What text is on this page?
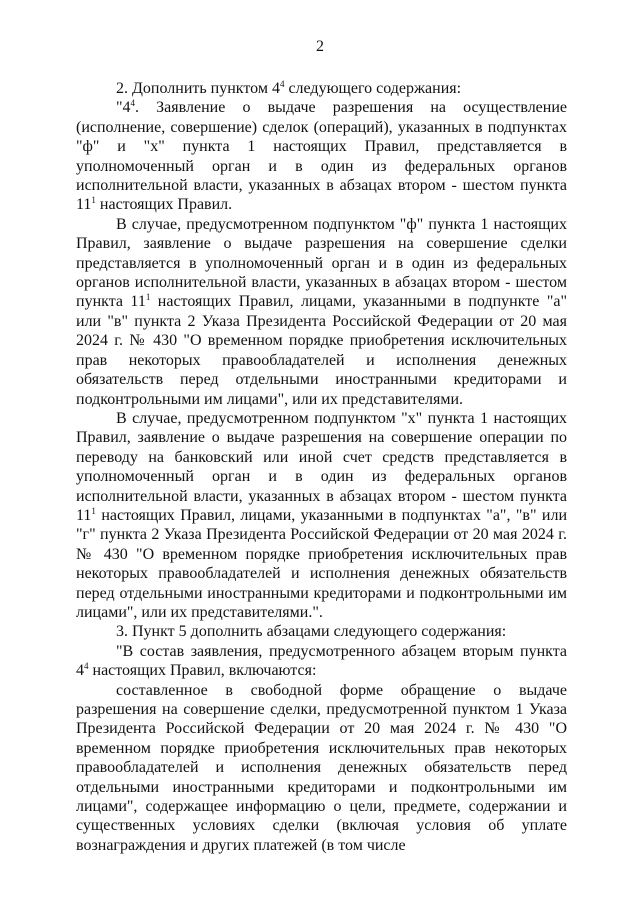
2

2. Дополнить пунктом $4^4$ следующего содержания:

"$4^4$. Заявление о выдаче разрешения на осуществление (исполнение, совершение) сделок (операций), указанных в подпунктах "ф" и "х" пункта 1 настоящих Правил, представляется в уполномоченный орган и в один из федеральных органов исполнительной власти, указанных в абзацах втором - шестом пункта $11^1$ настоящих Правил.

В случае, предусмотренном подпунктом "ф" пункта 1 настоящих Правил, заявление о выдаче разрешения на совершение сделки представляется в уполномоченный орган и в один из федеральных органов исполнительной власти, указанных в абзацах втором - шестом пункта $11^1$ настоящих Правил, лицами, указанными в подпункте "а" или "в" пункта 2 Указа Президента Российской Федерации от 20 мая 2024 г. № 430 "О временном порядке приобретения исключительных прав некоторых правообладателей и исполнения денежных обязательств перед отдельными иностранными кредиторами и подконтрольными им лицами", или их представителями.

В случае, предусмотренном подпунктом "х" пункта 1 настоящих Правил, заявление о выдаче разрешения на совершение операции по переводу на банковский или иной счет средств представляется в уполномоченный орган и в один из федеральных органов исполнительной власти, указанных в абзацах втором - шестом пункта $11^1$ настоящих Правил, лицами, указанными в подпунктах "а", "в" или "г" пункта 2 Указа Президента Российской Федерации от 20 мая 2024 г. № 430 "О временном порядке приобретения исключительных прав некоторых правообладателей и исполнения денежных обязательств перед отдельными иностранными кредиторами и подконтрольными им лицами", или их представителями.".

3. Пункт 5 дополнить абзацами следующего содержания:

"В состав заявления, предусмотренного абзацем вторым пункта $4^4$ настоящих Правил, включаются:

составленное в свободной форме обращение о выдаче разрешения на совершение сделки, предусмотренной пунктом 1 Указа Президента Российской Федерации от 20 мая 2024 г. № 430 "О временном порядке приобретения исключительных прав некоторых правообладателей и исполнения денежных обязательств перед отдельными иностранными кредиторами и подконтрольными им лицами", содержащее информацию о цели, предмете, содержании и существенных условиях сделки (включая условия об уплате вознаграждения и других платежей (в том числе
